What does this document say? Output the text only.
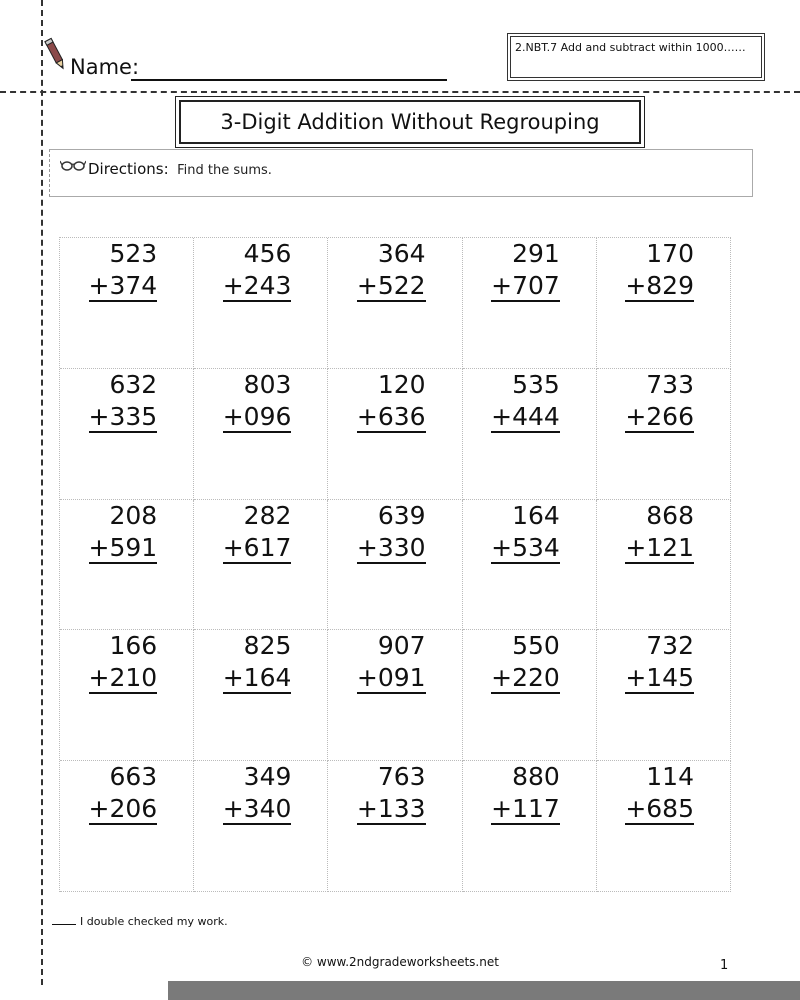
Name:
2.NBT.7 Add and subtract within 1000……
3-Digit Addition Without Regrouping
Directions: Find the sums.
523
+374
456
+243
364
+522
291
+707
170
+829
632
+335
803
+096
120
+636
535
+444
733
+266
208
+591
282
+617
639
+330
164
+534
868
+121
166
+210
825
+164
907
+091
550
+220
732
+145
663
+206
349
+340
763
+133
880
+117
114
+685
I double checked my work.
© www.2ndgradeworksheets.net	1
